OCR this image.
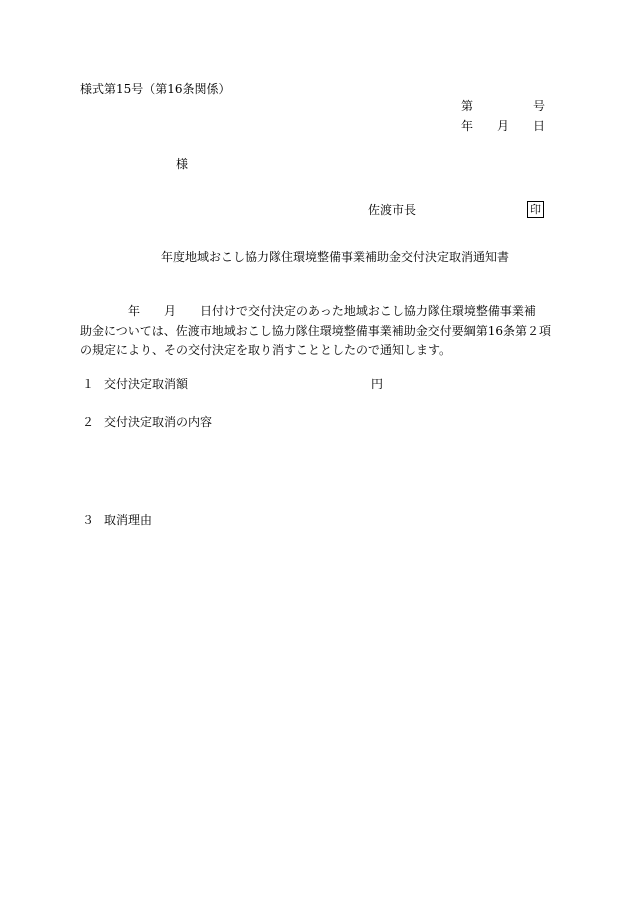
様式第15号（第16条関係）
第	号
年 月 日
様
佐渡市長	印
年度地域おこし協力隊住環境整備事業補助金交付決定取消通知書
年 月 日付けで交付決定のあった地域おこし協力隊住環境整備事業補
助金については、佐渡市地域おこし協力隊住環境整備事業補助金交付要綱第16条第２項
の規定により、その交付決定を取り消すこととしたので通知します。
１ 交付決定取消額	円
２ 交付決定取消の内容
３ 取消理由
